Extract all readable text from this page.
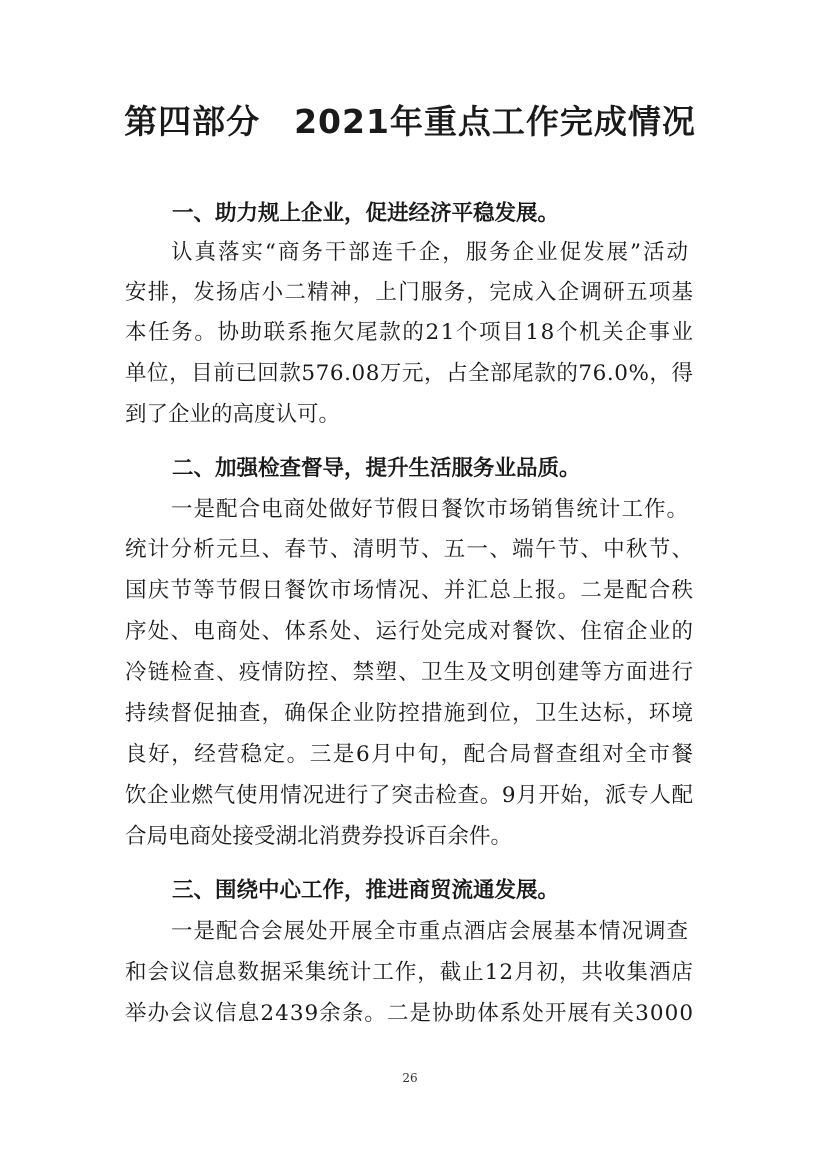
第四部分　2021年重点工作完成情况
一、助力规上企业，促进经济平稳发展。
认真落实“商务干部连千企，服务企业促发展”活动
安排，发扬店小二精神，上门服务，完成入企调研五项基
本任务。协助联系拖欠尾款的21个项目18个机关企事业
单位，目前已回款576.08万元，占全部尾款的76.0%，得
到了企业的高度认可。
二、加强检查督导，提升生活服务业品质。
一是配合电商处做好节假日餐饮市场销售统计工作。
统计分析元旦、春节、清明节、五一、端午节、中秋节、
国庆节等节假日餐饮市场情况、并汇总上报。二是配合秩
序处、电商处、体系处、运行处完成对餐饮、住宿企业的
冷链检查、疫情防控、禁塑、卫生及文明创建等方面进行
持续督促抽查，确保企业防控措施到位，卫生达标，环境
良好，经营稳定。三是6月中旬，配合局督查组对全市餐
饮企业燃气使用情况进行了突击检查。9月开始，派专人配
合局电商处接受湖北消费券投诉百余件。
三、围绕中心工作，推进商贸流通发展。
一是配合会展处开展全市重点酒店会展基本情况调查
和会议信息数据采集统计工作，截止12月初，共收集酒店
举办会议信息2439余条。二是协助体系处开展有关3000
26
